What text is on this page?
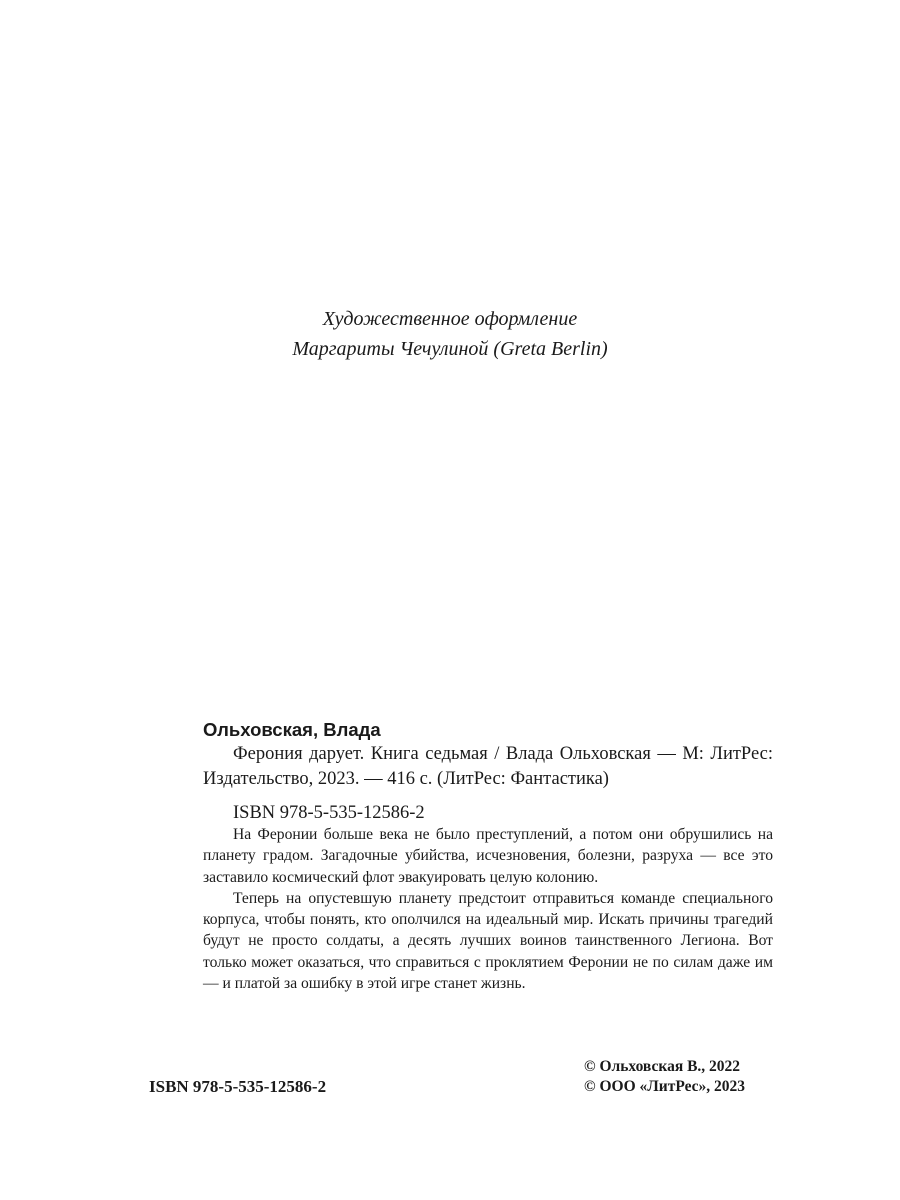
Художественное оформление
Маргариты Чечулиной (Greta Berlin)
Ольховская, Влада

Ферония дарует. Книга седьмая / Влада Ольховская — М: ЛитРес: Издательство, 2023. — 416 с. (ЛитРес: Фантастика)

ISBN 978-5-535-12586-2

На Феронии больше века не было преступлений, а потом они обрушились на планету градом. Загадочные убийства, исчезновения, болезни, разруха — все это заставило космический флот эвакуировать целую колонию.

Теперь на опустевшую планету предстоит отправиться команде специального корпуса, чтобы понять, кто ополчился на идеальный мир. Искать причины трагедий будут не просто солдаты, а десять лучших воинов таинственного Легиона. Вот только может оказаться, что справиться с проклятием Феронии не по силам даже им — и платой за ошибку в этой игре станет жизнь.

ISBN 978-5-535-12586-2
© Ольховская В., 2022
© ООО «ЛитРес», 2023
